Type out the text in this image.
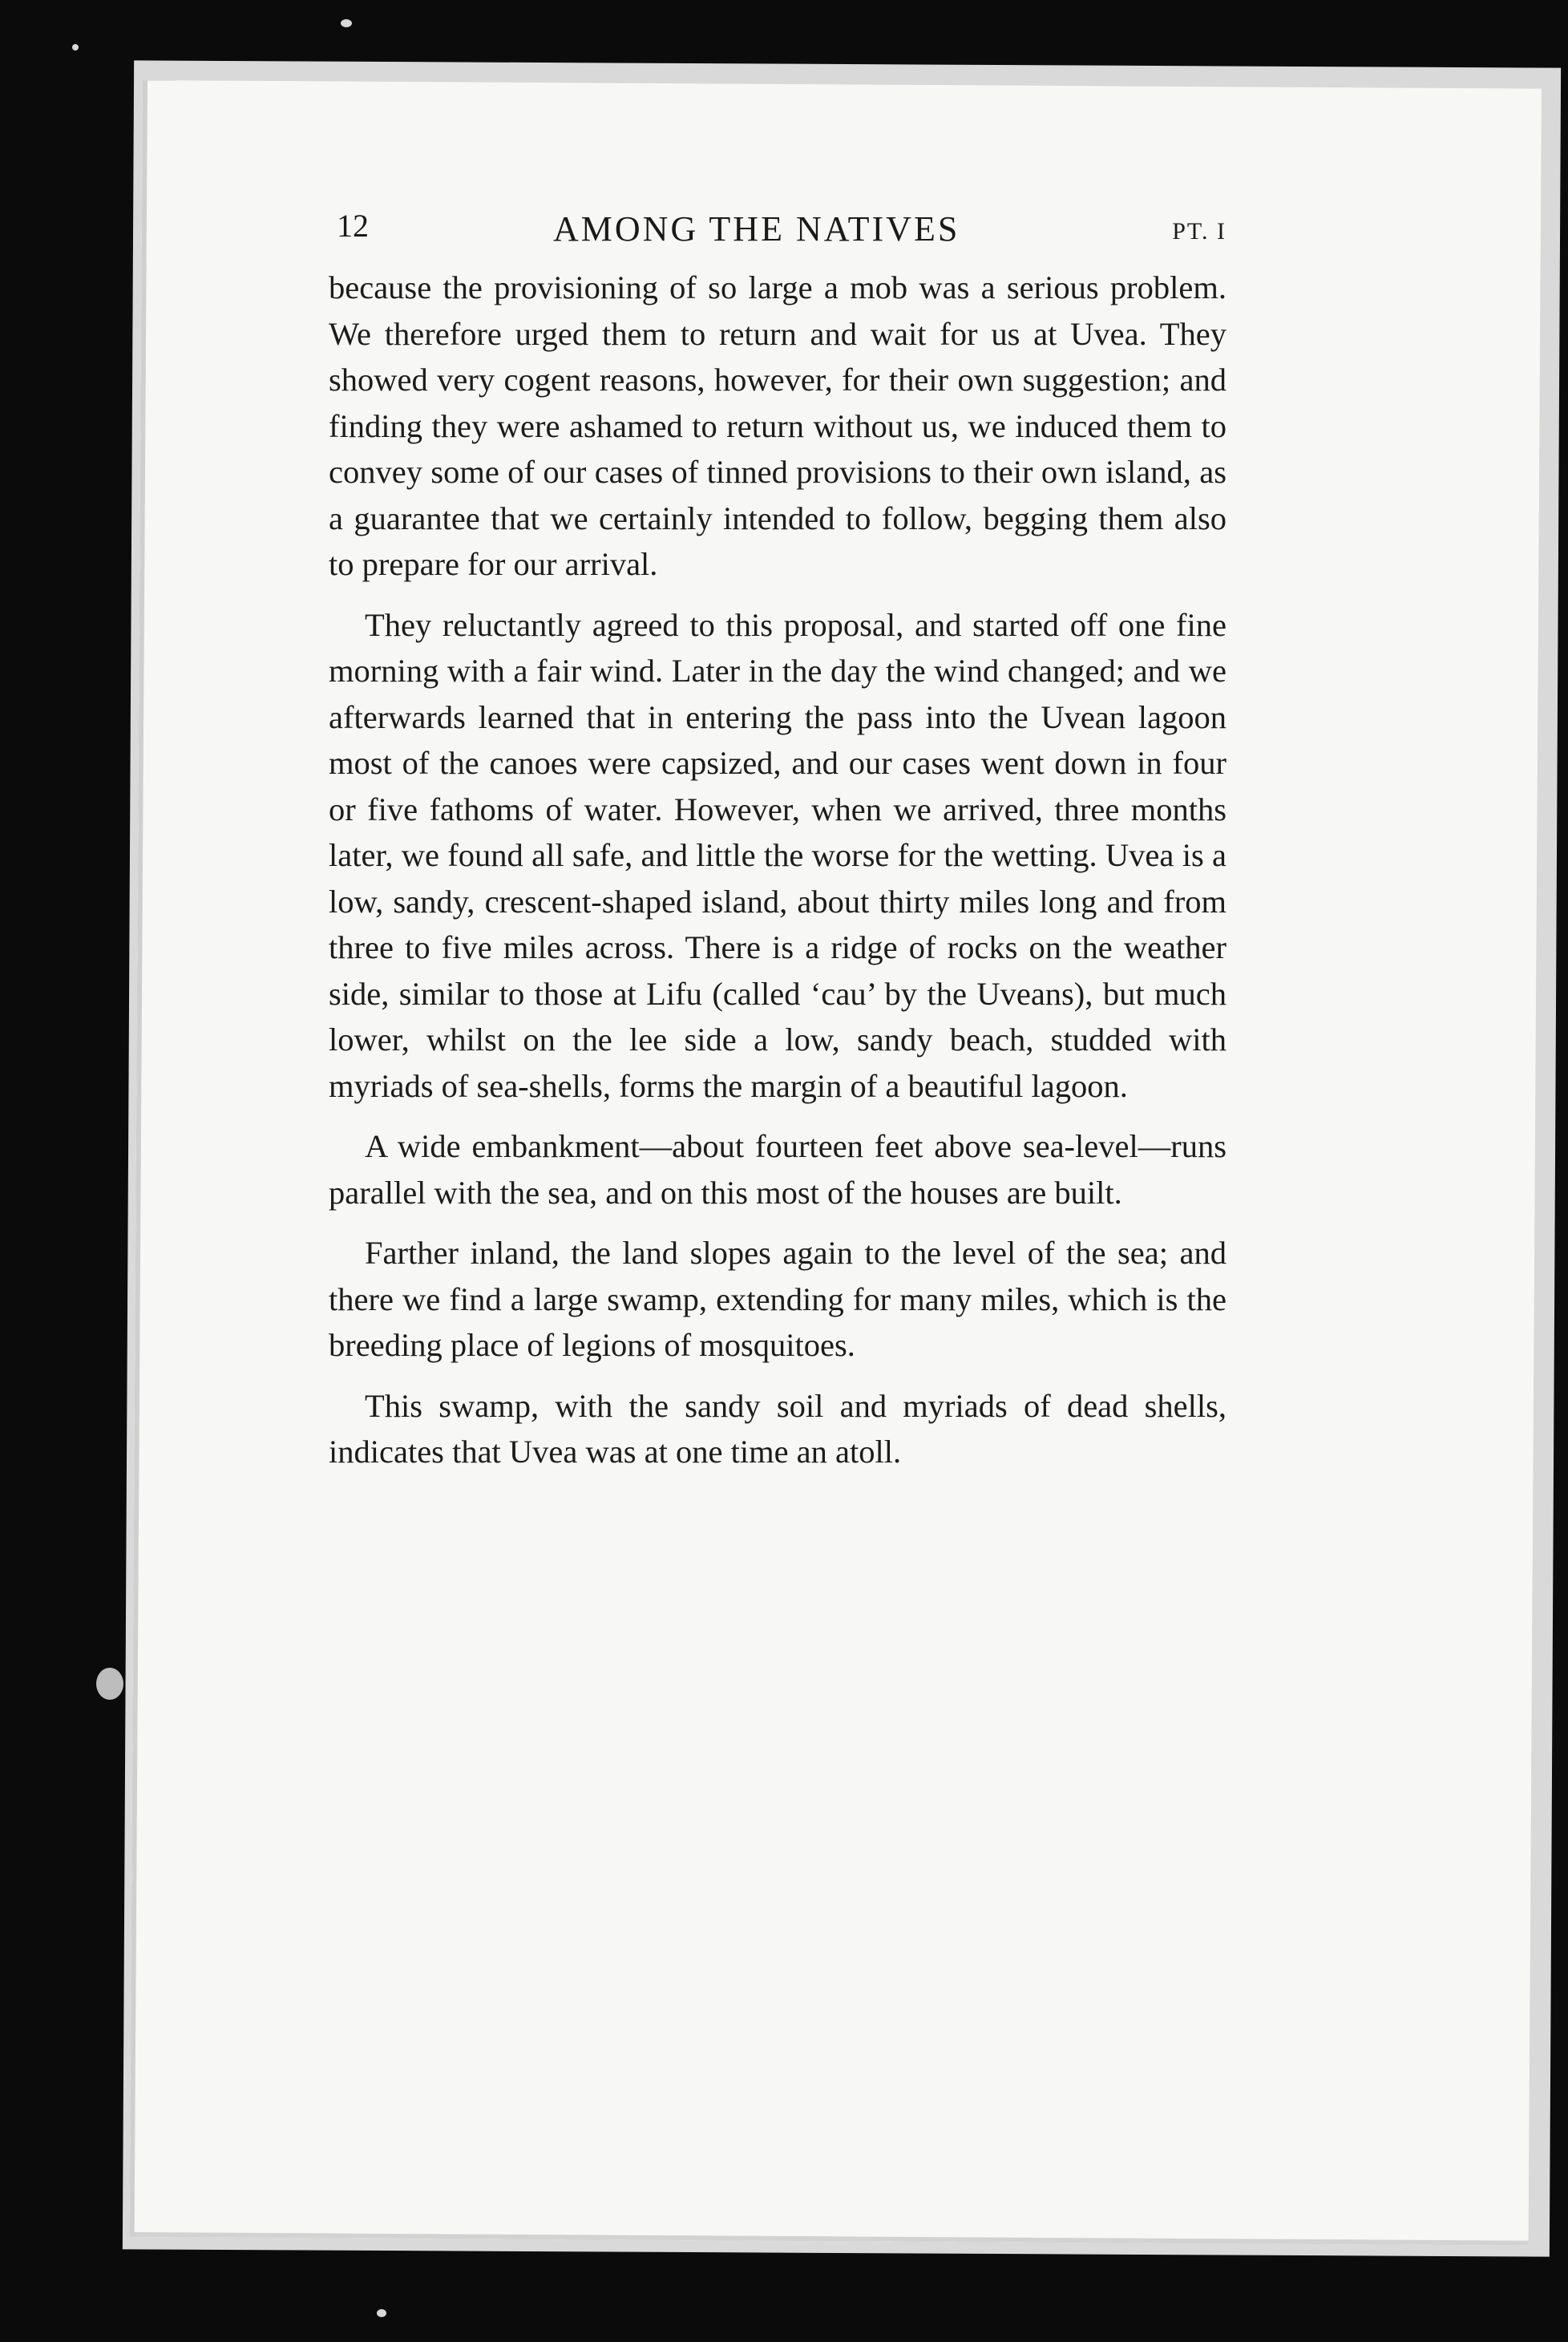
12	AMONG THE NATIVES	PT. I

because the provisioning of so large a mob was a serious problem. We therefore urged them to return and wait for us at Uvea. They showed very cogent reasons, however, for their own suggestion; and finding they were ashamed to return without us, we induced them to convey some of our cases of tinned provisions to their own island, as a guarantee that we certainly intended to follow, begging them also to prepare for our arrival.

They reluctantly agreed to this proposal, and started off one fine morning with a fair wind. Later in the day the wind changed; and we afterwards learned that in entering the pass into the Uvean lagoon most of the canoes were capsized, and our cases went down in four or five fathoms of water. However, when we arrived, three months later, we found all safe, and little the worse for the wetting. Uvea is a low, sandy, crescent-shaped island, about thirty miles long and from three to five miles across. There is a ridge of rocks on the weather side, similar to those at Lifu (called ‘cau’ by the Uveans), but much lower, whilst on the lee side a low, sandy beach, studded with myriads of sea-shells, forms the margin of a beautiful lagoon.

A wide embankment—about fourteen feet above sea-level—runs parallel with the sea, and on this most of the houses are built.

Farther inland, the land slopes again to the level of the sea; and there we find a large swamp, extending for many miles, which is the breeding place of legions of mosquitoes.

This swamp, with the sandy soil and myriads of dead shells, indicates that Uvea was at one time an atoll.
